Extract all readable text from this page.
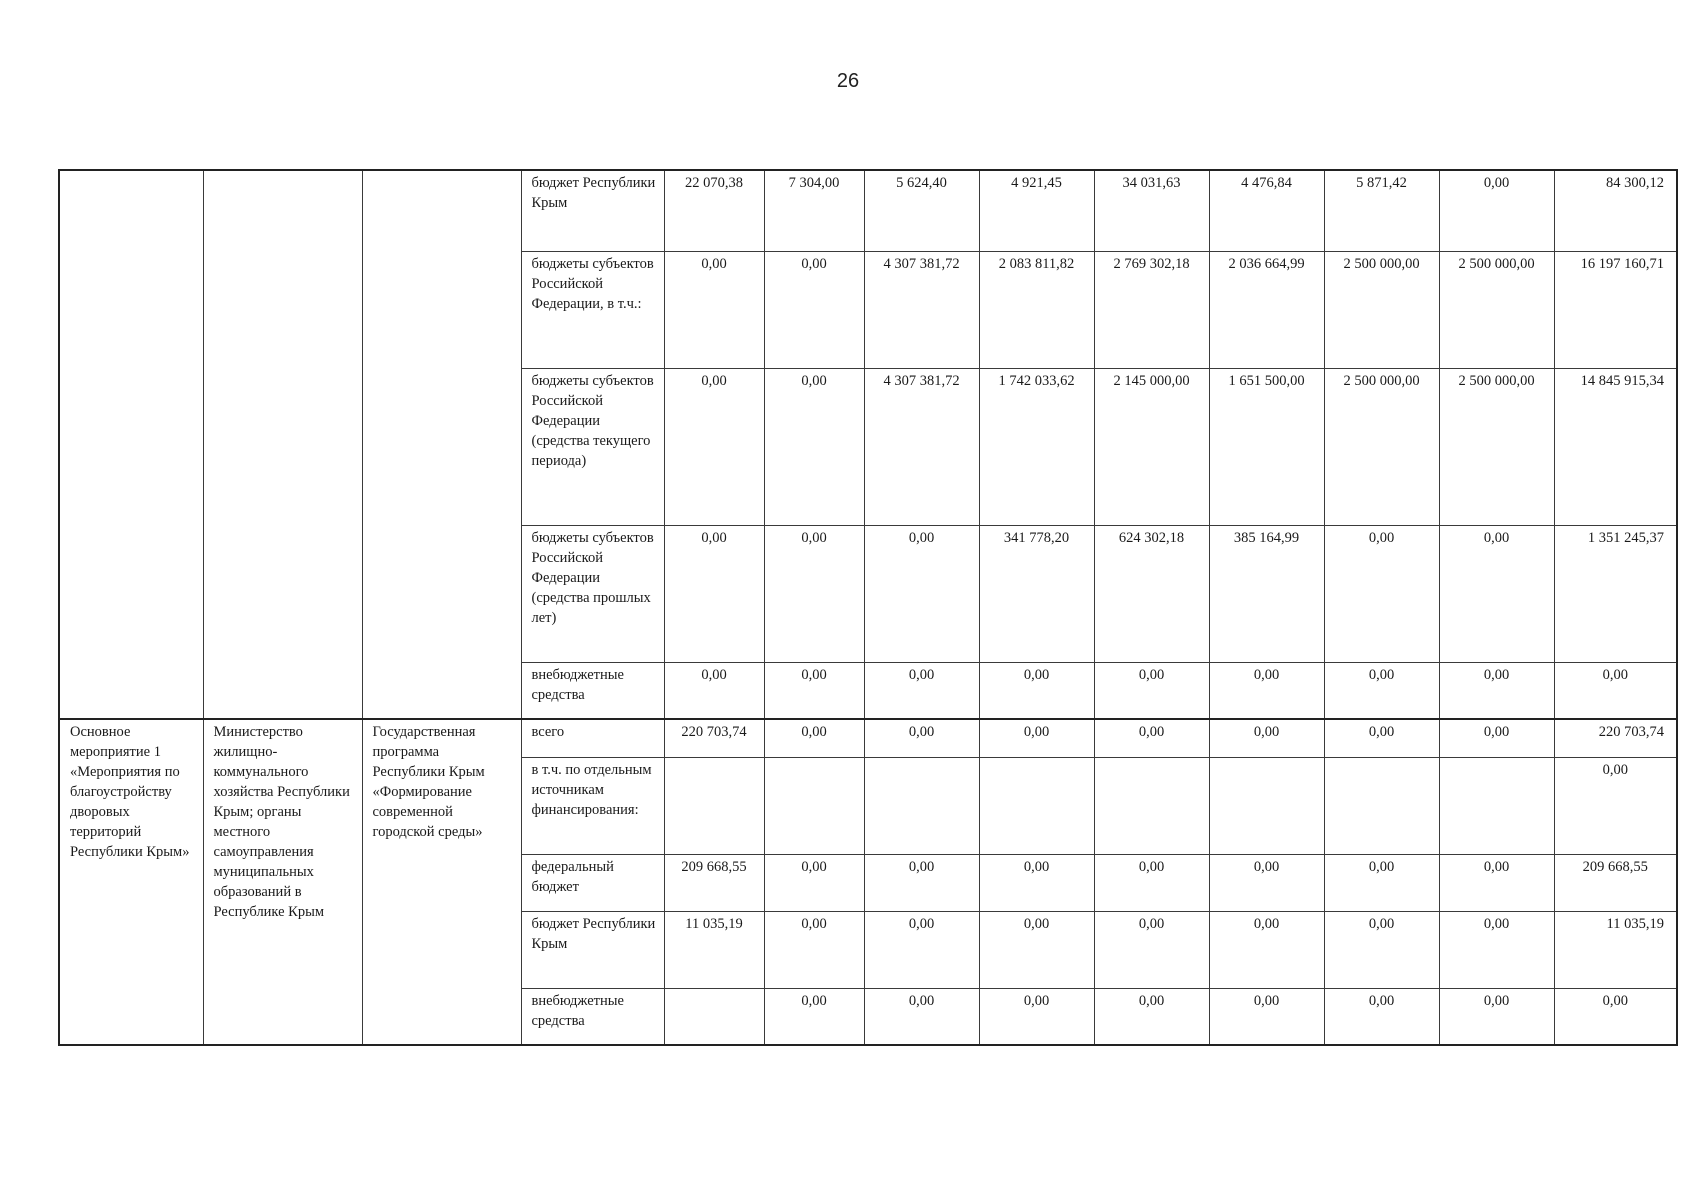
26
			бюджет Республики Крым	22 070,38	7 304,00	5 624,40	4 921,45	34 031,63	4 476,84	5 871,42	0,00	84 300,12
			бюджеты субъектов Российской Федерации, в т.ч.:	0,00	0,00	4 307 381,72	2 083 811,82	2 769 302,18	2 036 664,99	2 500 000,00	2 500 000,00	16 197 160,71
			бюджеты субъектов Российской Федерации (средства текущего периода)	0,00	0,00	4 307 381,72	1 742 033,62	2 145 000,00	1 651 500,00	2 500 000,00	2 500 000,00	14 845 915,34
			бюджеты субъектов Российской Федерации (средства прошлых лет)	0,00	0,00	0,00	341 778,20	624 302,18	385 164,99	0,00	0,00	1 351 245,37
			внебюджетные средства	0,00	0,00	0,00	0,00	0,00	0,00	0,00	0,00	0,00
Основное мероприятие 1 «Мероприятия по благоустройству дворовых территорий Республики Крым»	Министерство жилищно-коммунального хозяйства Республики Крым; органы местного самоуправления муниципальных образований в Республике Крым	Государственная программа Республики Крым «Формирование современной городской среды»	всего	220 703,74	0,00	0,00	0,00	0,00	0,00	0,00	0,00	220 703,74
			в т.ч. по отдельным источникам финансирования:									0,00
			федеральный бюджет	209 668,55	0,00	0,00	0,00	0,00	0,00	0,00	0,00	209 668,55
			бюджет Республики Крым	11 035,19	0,00	0,00	0,00	0,00	0,00	0,00	0,00	11 035,19
			внебюджетные средства		0,00	0,00	0,00	0,00	0,00	0,00	0,00	0,00
